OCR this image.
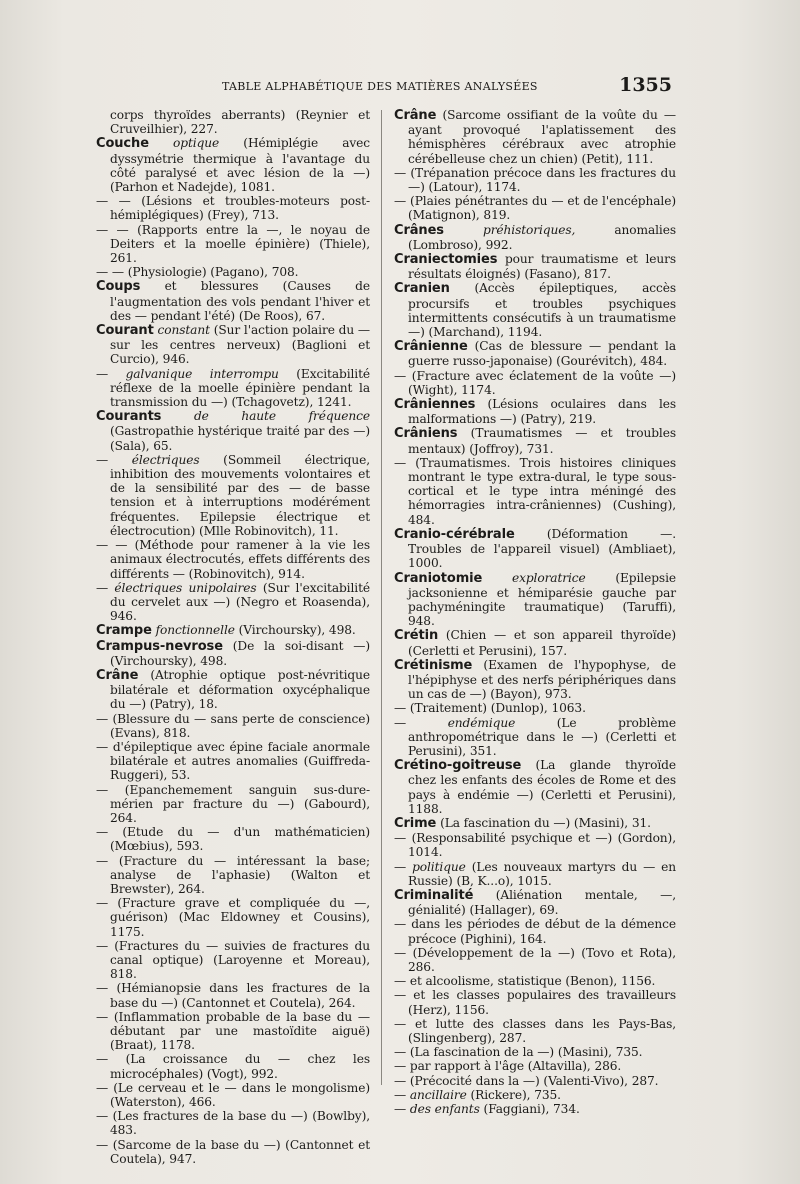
TABLE ALPHABÉTIQUE DES MATIÈRES ANALYSÉES	1355

corps thyroïdes aberrants) (Reynier et Cruveilhier), 227.

Couche optique (Hémiplégie avec dyssymétrie thermique à l'avantage du côté paralysé et avec lésion de la —) (Parhon et Nadejde), 1081.

— — (Lésions et troubles-moteurs post-hémiplégiques) (Frey), 713.

— — (Rapports entre la —, le noyau de Deiters et la moelle épinière) (Thiele), 261.

— — (Physiologie) (Pagano), 708.

Coups et blessures (Causes de l'augmentation des vols pendant l'hiver et des — pendant l'été) (De Roos), 67.

Courant constant (Sur l'action polaire du — sur les centres nerveux) (Baglioni et Curcio), 946.

— galvanique interrompu (Excitabilité réflexe de la moelle épinière pendant la transmission du —) (Tchagovetz), 1241.

Courants	de haute fréquence (Gastropathie hystérique traité par des —) (Sala), 65.

— électriques (Sommeil électrique, inhibition des mouvements volontaires et de la sensibilité par des — de basse tension et à interruptions modérément fréquentes. Epilepsie électrique et électrocution) (Mlle Robinovitch), 11.

— — (Méthode pour ramener à la vie les animaux électrocutés, effets différents des différents — (Robinovitch), 914.

— électriques unipolaires (Sur l'excitabilité du cervelet aux —) (Negro et Roasenda), 946.

Crampe fonctionnelle (Virchoursky), 498.

Crampus-nevrose (De la soi-disant —) (Virchoursky), 498.

Crâne (Atrophie optique post-névritique bilatérale et déformation oxycéphalique du —) (Patry), 18.

— (Blessure du — sans perte de conscience) (Evans), 818.

— d'épileptique avec épine faciale anormale bilatérale et autres anomalies (Guiffreda-Ruggeri), 53.

— (Epanchemement sanguin sus-dure-mérien par fracture du —) (Gabourd), 264.

— (Etude du — d'un mathématicien) (Mœbius), 593.

— (Fracture du — intéressant la base; analyse de l'aphasie) (Walton et Brewster), 264.

— (Fracture grave et compliquée du —, guérison) (Mac Eldowney et Cousins), 1175.

— (Fractures du — suivies de fractures du canal optique) (Laroyenne et Moreau), 818.

— (Hémianopsie dans les fractures de la base du —) (Cantonnet et Coutela), 264.

— (Inflammation probable de la base du — débutant par une mastoïdite aiguë) (Braat), 1178.

— (La croissance du — chez les microcéphales) (Vogt), 992.

— (Le cerveau et le — dans le mongolisme) (Waterston), 466.

— (Les fractures de la base du —) (Bowlby), 483.

— (Sarcome de la base du —) (Cantonnet et Coutela), 947.

Crâne (Sarcome ossifiant de la voûte du — ayant provoqué l'aplatissement des hémisphères cérébraux avec atrophie cérébelleuse chez un chien) (Petit), 111.

— (Trépanation précoce dans les fractures du —) (Latour), 1174.

— (Plaies pénétrantes du — et de l'encéphale) (Matignon), 819.

Crânes	préhistoriques,	anomalies (Lombroso), 992.

Craniectomies pour traumatisme et leurs résultats éloignés) (Fasano), 817.

Cranien (Accès épileptiques, accès procursifs et troubles psychiques intermittents consécutifs à un traumatisme —) (Marchand), 1194.

Crânienne (Cas de blessure — pendant la guerre russo-japonaise) (Gourévitch), 484.

— (Fracture avec éclatement de la voûte —) (Wight), 1174.

Crâniennes (Lésions oculaires dans les malformations —) (Patry), 219.

Crâniens (Traumatismes — et troubles mentaux) (Joffroy), 731.

— (Traumatismes. Trois histoires cliniques montrant le type extra-dural, le type sous-cortical et le type intra méningé des hémorragies intra-crâniennes) (Cushing), 484.

Cranio-cérébrale	(Déformation —. Troubles de l'appareil visuel) (Ambliaet), 1000.

Craniotomie exploratrice (Epilepsie jacksonienne et hémiparésie gauche par pachyméningite traumatique) (Taruffi), 948.

Crétin (Chien — et son appareil thyroïde) (Cerletti et Perusini), 157.

Crétinisme (Examen de l'hypophyse, de l'hépiphyse et des nerfs périphériques dans un cas de —) (Bayon), 973.

— (Traitement) (Dunlop), 1063.

—	endémique	(Le problème anthropométrique dans le —) (Cerletti et Perusini), 351.

Crétino-goitreuse (La glande thyroïde chez les enfants des écoles de Rome et des pays à endémie —) (Cerletti et Perusini), 1188.

Crime (La fascination du —) (Masini), 31.

— (Responsabilité psychique et —) (Gordon), 1014.

— politique (Les nouveaux martyrs du — en Russie) (B, K...o), 1015.

Criminalité (Aliénation mentale, —, génialité) (Hallager), 69.

— dans les périodes de début de la démence précoce (Pighini), 164.

— (Développement de la —) (Tovo et Rota), 286.

— et alcoolisme, statistique (Benon), 1156.

— et les classes populaires des travailleurs (Herz), 1156.

— et lutte des classes dans les Pays-Bas, (Slingenberg), 287.

— (La fascination de la —) (Masini), 735.

— par rapport à l'âge (Altavilla), 286.

— (Précocité dans la —) (Valenti-Vivo), 287.

— ancillaire (Rickere), 735.

— des enfants (Faggiani), 734.
